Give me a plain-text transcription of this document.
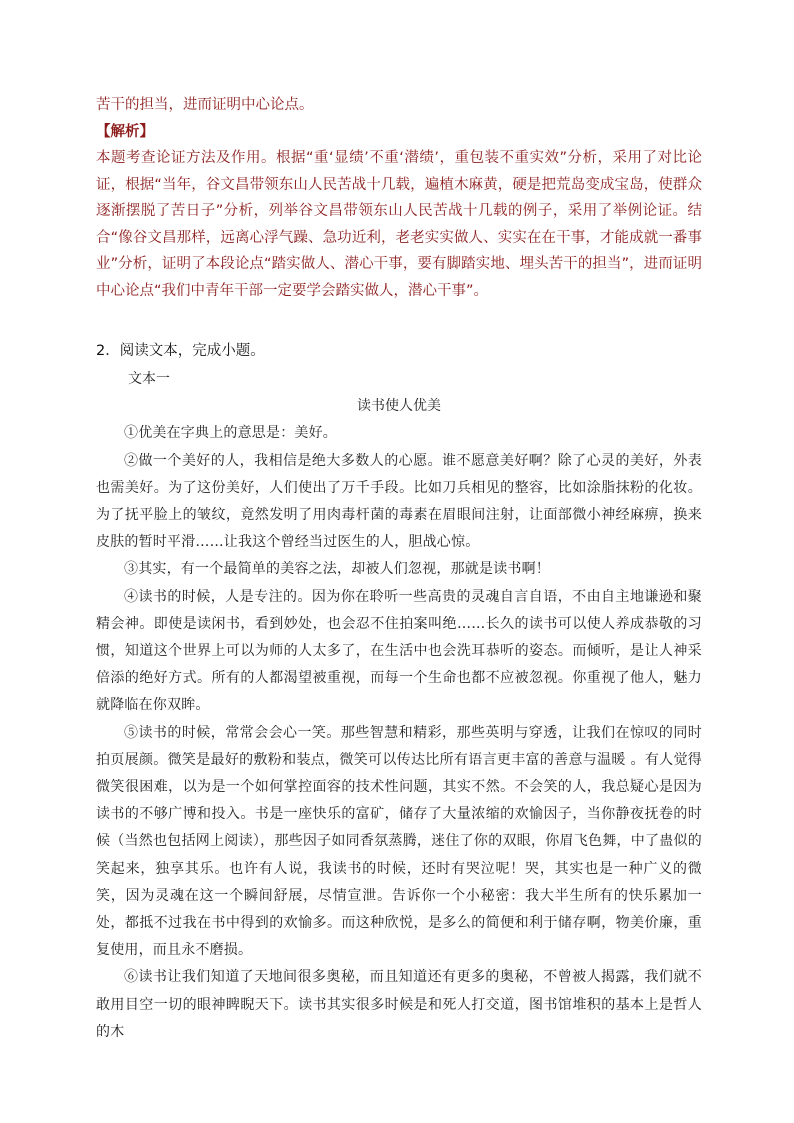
苦干的担当，进而证明中心论点。

【解析】

本题考查论证方法及作用。根据“重‘显绩’不重‘潜绩’，重包装不重实效”分析，采用了对比论证，根据“当年，谷文昌带领东山人民苦战十几载，遍植木麻黄，硬是把荒岛变成宝岛，使群众逐渐摆脱了苦日子”分析，列举谷文昌带领东山人民苦战十几载的例子，采用了举例论证。结合“像谷文昌那样，远离心浮气躁、急功近利，老老实实做人、实实在在干事，才能成就一番事业”分析，证明了本段论点“踏实做人、潜心干事，要有脚踏实地、埋头苦干的担当”，进而证明中心论点“我们中青年干部一定要学会踏实做人，潜心干事”。

2．阅读文本，完成小题。

文本一

读书使人优美

①优美在字典上的意思是：美好。

②做一个美好的人，我相信是绝大多数人的心愿。谁不愿意美好啊？除了心灵的美好，外表也需美好。为了这份美好，人们使出了万千手段。比如刀兵相见的整容，比如涂脂抹粉的化妆。为了抚平脸上的皱纹，竟然发明了用肉毒杆菌的毒素在眉眼间注射，让面部微小神经麻痹，换来皮肤的暂时平滑……让我这个曾经当过医生的人，胆战心惊。

③其实，有一个最简单的美容之法，却被人们忽视，那就是读书啊！

④读书的时候，人是专注的。因为你在聆听一些高贵的灵魂自言自语，不由自主地谦逊和聚精会神。即使是读闲书，看到妙处，也会忍不住拍案叫绝……长久的读书可以使人养成恭敬的习惯，知道这个世界上可以为师的人太多了，在生活中也会洗耳恭听的姿态。而倾听，是让人神采倍添的绝好方式。所有的人都渴望被重视，而每一个生命也都不应被忽视。你重视了他人，魅力就降临在你双眸。

⑤读书的时候，常常会会心一笑。那些智慧和精彩，那些英明与穿透，让我们在惊叹的同时拍页展颜。微笑是最好的敷粉和装点，微笑可以传达比所有语言更丰富的善意与温暖 。有人觉得微笑很困难，以为是一个如何掌控面容的技术性问题，其实不然。不会笑的人，我总疑心是因为读书的不够广博和投入。书是一座快乐的富矿，储存了大量浓缩的欢愉因子，当你静夜抚卷的时候（当然也包括网上阅读），那些因子如同香氛蒸腾，迷住了你的双眼，你眉飞色舞，中了蛊似的笑起来，独享其乐。也许有人说，我读书的时候，还时有哭泣呢！哭，其实也是一种广义的微笑，因为灵魂在这一个瞬间舒展，尽情宣泄。告诉你一个小秘密：我大半生所有的快乐累加一处，都抵不过我在书中得到的欢愉多。而这种欣悦，是多么的简便和利于储存啊，物美价廉，重复使用，而且永不磨损。

⑥读书让我们知道了天地间很多奥秘，而且知道还有更多的奥秘，不曾被人揭露，我们就不敢用目空一切的眼神睥睨天下。读书其实很多时候是和死人打交道，图书馆堆积的基本上是哲人的木
